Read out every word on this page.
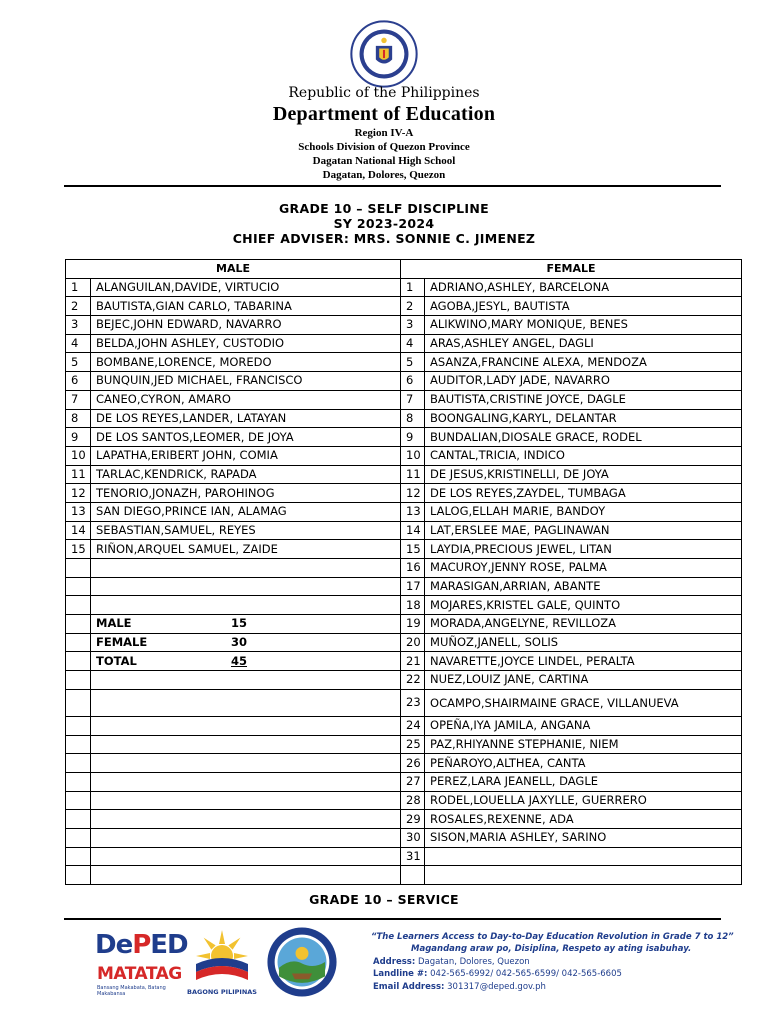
Republic of the Philippines
Department of Education
Region IV-A
Schools Division of Quezon Province
Dagatan National High School
Dagatan, Dolores, Quezon
GRADE 10 – SELF DISCIPLINE
SY 2023-2024
CHIEF ADVISER: MRS. SONNIE C. JIMENEZ
MALE		FEMALE	
1	ALANGUILAN,DAVIDE, VIRTUCIO	1	ADRIANO,ASHLEY, BARCELONA
2	BAUTISTA,GIAN CARLO, TABARINA	2	AGOBA,JESYL, BAUTISTA
3	BEJEC,JOHN EDWARD, NAVARRO	3	ALIKWINO,MARY MONIQUE, BENES
4	BELDA,JOHN ASHLEY, CUSTODIO	4	ARAS,ASHLEY ANGEL, DAGLI
5	BOMBANE,LORENCE, MOREDO	5	ASANZA,FRANCINE ALEXA, MENDOZA
6	BUNQUIN,JED MICHAEL, FRANCISCO	6	AUDITOR,LADY JADE, NAVARRO
7	CANEO,CYRON, AMARO	7	BAUTISTA,CRISTINE JOYCE, DAGLE
8	DE LOS REYES,LANDER, LATAYAN	8	BOONGALING,KARYL, DELANTAR
9	DE LOS SANTOS,LEOMER, DE JOYA	9	BUNDALIAN,DIOSALE GRACE, RODEL
10	LAPATHA,ERIBERT JOHN, COMIA	10	CANTAL,TRICIA, INDICO
11	TARLAC,KENDRICK, RAPADA	11	DE JESUS,KRISTINELLI, DE JOYA
12	TENORIO,JONAZH, PAROHINOG	12	DE LOS REYES,ZAYDEL, TUMBAGA
13	SAN DIEGO,PRINCE IAN, ALAMAG	13	LALOG,ELLAH MARIE, BANDOY
14	SEBASTIAN,SAMUEL, REYES	14	LAT,ERSLEE MAE, PAGLINAWAN
15	RIÑON,ARQUEL SAMUEL, ZAIDE	15	LAYDIA,PRECIOUS JEWEL, LITAN
		16	MACUROY,JENNY ROSE, PALMA
		17	MARASIGAN,ARRIAN, ABANTE
		18	MOJARES,KRISTEL GALE, QUINTO
	MALE 15	19	MORADA,ANGELYNE, REVILLOZA
	FEMALE 30	20	MUÑOZ,JANELL, SOLIS
	TOTAL 45	21	NAVARETTE,JOYCE LINDEL, PERALTA
		22	NUEZ,LOUIZ JANE, CARTINA
		23	OCAMPO,SHAIRMAINE GRACE, VILLANUEVA
		24	OPEÑA,IYA JAMILA, ANGANA
		25	PAZ,RHIYANNE STEPHANIE, NIEM
		26	PEÑAROYO,ALTHEA, CANTA
		27	PEREZ,LARA JEANELL, DAGLE
		28	RODEL,LOUELLA JAXYLLE, GUERRERO
		29	ROSALES,REXENNE, ADA
		30	SISON,MARIA ASHLEY, SARINO
		31	

GRADE 10 – SERVICE
DePED
MATATAG
Bansang Makabata, Batang Makabansa	BAGONG PILIPINAS
“The Learners Access to Day-to-Day Education Revolution in Grade 7 to 12”
Magandang araw po, Disiplina, Respeto ay ating isabuhay.
Address: Dagatan, Dolores, Quezon
Landline #: 042-565-6992/ 042-565-6599/ 042-565-6605
Email Address: 301317@deped.gov.ph
